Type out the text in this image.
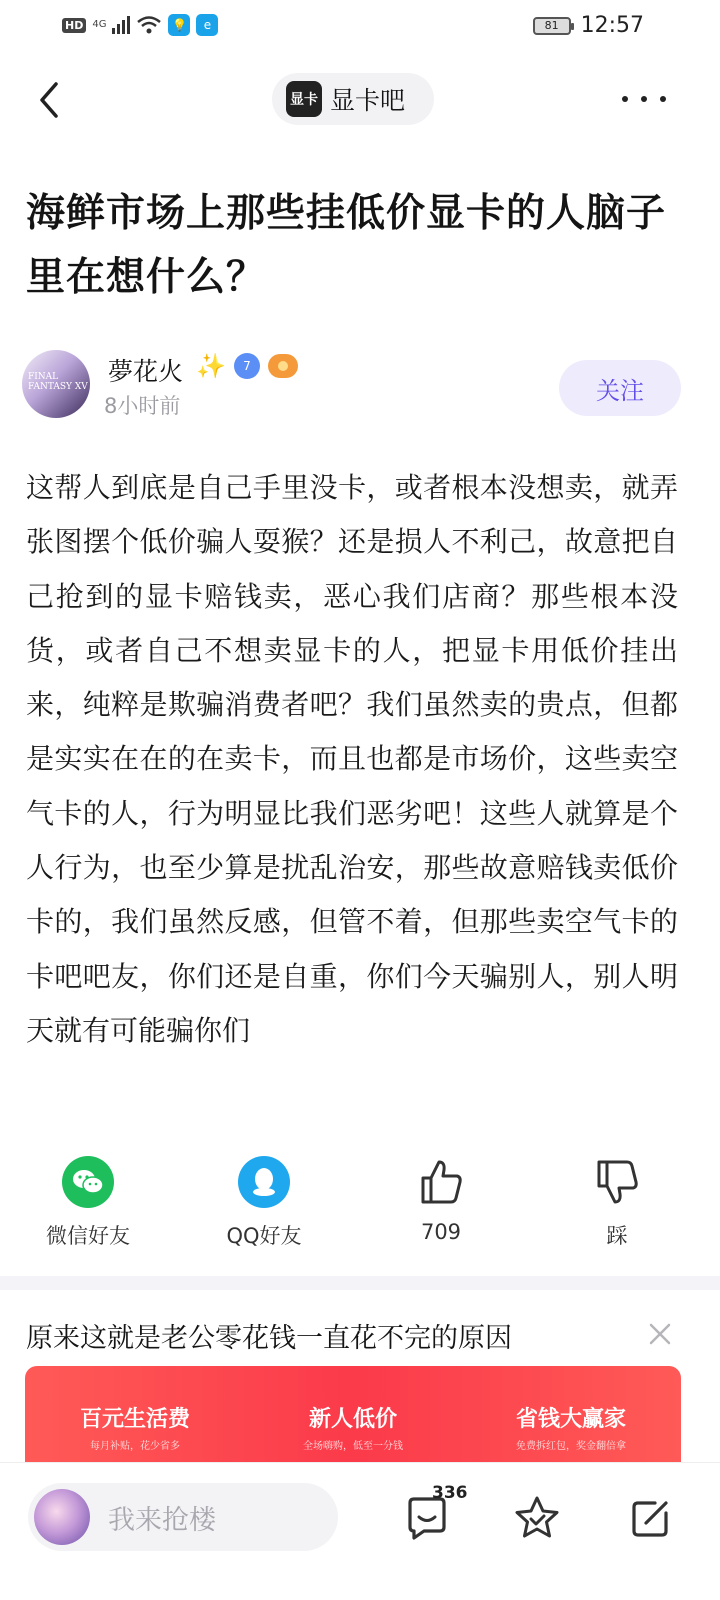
HD 4G	💡	e	81	12:57
显卡 显卡吧
海鲜市场上那些挂低价显卡的人脑子里在想什么？
FINAL FANTASY XV
夢花火 ✨	7
8小时前
关注
这帮人到底是自己手里没卡，或者根本没想卖，就弄张图摆个低价骗人耍猴？还是损人不利己，故意把自己抢到的显卡赔钱卖，恶心我们店商？那些根本没货，或者自己不想卖显卡的人，把显卡用低价挂出来，纯粹是欺骗消费者吧？我们虽然卖的贵点，但都是实实在在的在卖卡，而且也都是市场价，这些卖空气卡的人，行为明显比我们恶劣吧！这些人就算是个人行为，也至少算是扰乱治安，那些故意赔钱卖低价卡的，我们虽然反感，但管不着，但那些卖空气卡的卡吧吧友，你们还是自重，你们今天骗别人，别人明天就有可能骗你们
微信好友	QQ好友	709	踩
原来这就是老公零花钱一直花不完的原因
百元生活费
每月补贴，花少省多
新人低价
全场嗨购，低至一分钱
省钱大赢家
免费拆红包，奖金翻倍拿
我来抢楼
336
